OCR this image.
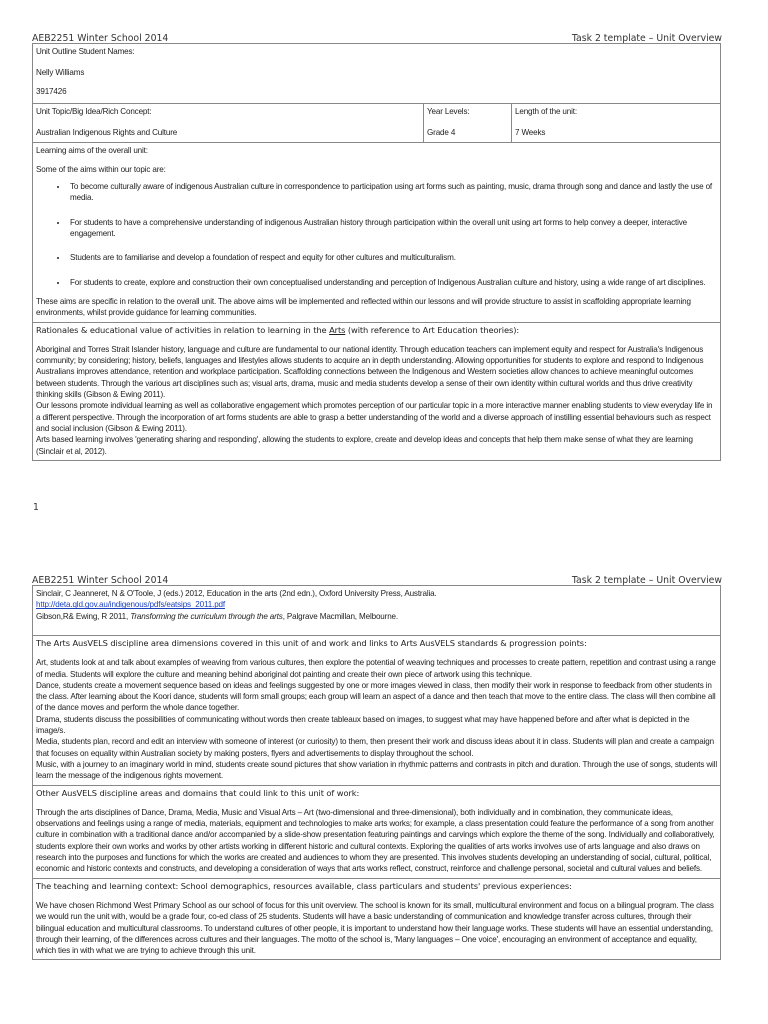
AEB2251 Winter School 2014	Task 2 template – Unit Overview
Unit Outline Student Names:
Nelly Williams
3917426

Unit Topic/Big Idea/Rich Concept:
Australian Indigenous Rights and Culture

Year Levels:
Grade 4

Length of the unit:
7 Weeks

Learning aims of the overall unit:

Some of the aims within our topic are:

• To become culturally aware of indigenous Australian culture in correspondence to participation using art forms such as painting, music, drama through song and dance and lastly the use of media.
• For students to have a comprehensive understanding of indigenous Australian history through participation within the overall unit using art forms to help convey a deeper, interactive engagement.
• Students are to familiarise and develop a foundation of respect and equity for other cultures and multiculturalism.
• For students to create, explore and construction their own conceptualised understanding and perception of Indigenous Australian culture and history, using a wide range of art disciplines.

These aims are specific in relation to the overall unit. The above aims will be implemented and reflected within our lessons and will provide structure to assist in scaffolding appropriate learning environments, whilst provide guidance for learning communities.

Rationales & educational value of activities in relation to learning in the Arts (with reference to Art Education theories):

Aboriginal and Torres Strait Islander history, language and culture are fundamental to our national identity. Through education teachers can implement equity and respect for Australia's Indigenous community; by considering; history, beliefs, languages and lifestyles allows students to acquire an in depth understanding. Allowing opportunities for students to explore and respond to Indigenous Australians improves attendance, retention and workplace participation. Scaffolding connections between the Indigenous and Western societies allow chances to achieve meaningful outcomes between students. Through the various art disciplines such as; visual arts, drama, music and media students develop a sense of their own identity within cultural worlds and thus drive creativity thinking skills (Gibson & Ewing 2011).

Our lessons promote individual learning as well as collaborative engagement which promotes perception of our particular topic in a more interactive manner enabling students to view everyday life in a different perspective. Through the incorporation of art forms students are able to grasp a better understanding of the world and a diverse approach of instilling essential behaviours such as respect and social inclusion (Gibson & Ewing 2011).

Arts based learning involves 'generating sharing and responding', allowing the students to explore, create and develop ideas and concepts that help them make sense of what they are learning (Sinclair et al, 2012).

1
AEB2251 Winter School 2014	Task 2 template – Unit Overview

Sinclair, C Jeanneret, N & O'Toole, J (eds.) 2012, Education in the arts (2nd edn.), Oxford University Press, Australia.

http://deta.qld.gov.au/indigenous/pdfs/eatsips_2011.pdf

Gibson,R& Ewing, R 2011, Transforming the curriculum through the arts, Palgrave Macmillan, Melbourne.

The Arts AusVELS discipline area dimensions covered in this unit of and work and links to Arts AusVELS standards & progression points:

Art, students look at and talk about examples of weaving from various cultures, then explore the potential of weaving techniques and processes to create pattern, repetition and contrast using a range of media. Students will explore the culture and meaning behind aboriginal dot painting and create their own piece of artwork using this technique.

Dance, students create a movement sequence based on ideas and feelings suggested by one or more images viewed in class, then modify their work in response to feedback from other students in the class. After learning about the Koori dance, students will form small groups; each group will learn an aspect of a dance and then teach that move to the entire class. The class will then combine all of the dance moves and perform the whole dance together.

Drama, students discuss the possibilities of communicating without words then create tableaux based on images, to suggest what may have happened before and after what is depicted in the image/s.

Media, students plan, record and edit an interview with someone of interest (or curiosity) to them, then present their work and discuss ideas about it in class. Students will plan and create a campaign that focuses on equality within Australian society by making posters, flyers and advertisements to display throughout the school.

Music, with a journey to an imaginary world in mind, students create sound pictures that show variation in rhythmic patterns and contrasts in pitch and duration. Through the use of songs, students will learn the message of the indigenous rights movement.

Other AusVELS discipline areas and domains that could link to this unit of work:

Through the arts disciplines of Dance, Drama, Media, Music and Visual Arts – Art (two-dimensional and three-dimensional), both individually and in combination, they communicate ideas, observations and feelings using a range of media, materials, equipment and technologies to make arts works; for example, a class presentation could feature the performance of a song from another culture in combination with a traditional dance and/or accompanied by a slide-show presentation featuring paintings and carvings which explore the theme of the song. Individually and collaboratively, students explore their own works and works by other artists working in different historic and cultural contexts. Exploring the qualities of arts works involves use of arts language and also draws on research into the purposes and functions for which the works are created and audiences to whom they are presented. This involves students developing an understanding of social, cultural, political, economic and historic contexts and constructs, and developing a consideration of ways that arts works reflect, construct, reinforce and challenge personal, societal and cultural values and beliefs.

The teaching and learning context: School demographics, resources available, class particulars and students' previous experiences:

We have chosen Richmond West Primary School as our school of focus for this unit overview. The school is known for its small, multicultural environment and focus on a bilingual program. The class we would run the unit with, would be a grade four, co-ed class of 25 students. Students will have a basic understanding of communication and knowledge transfer across cultures, through their bilingual education and multicultural classrooms. To understand cultures of other people, it is important to understand how their language works. These students will have an essential understanding, through their learning, of the differences across cultures and their languages. The motto of the school is, 'Many languages – One voice', encouraging an environment of acceptance and equality, which ties in with what we are trying to achieve through this unit.
